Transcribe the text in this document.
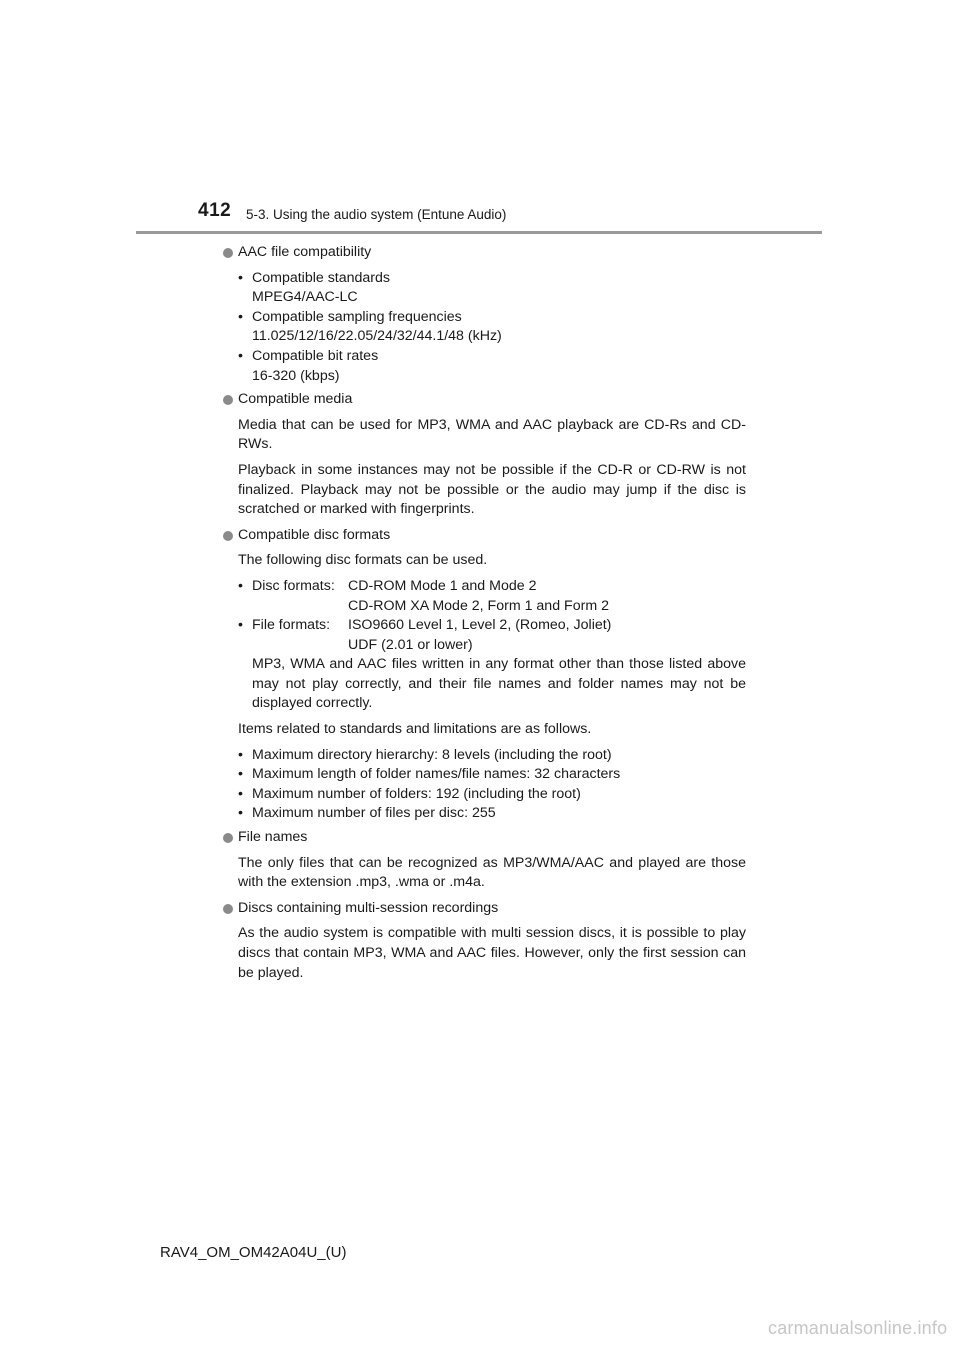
412 5-3. Using the audio system (Entune Audio)
AAC file compatibility
• Compatible standards
MPEG4/AAC-LC
• Compatible sampling frequencies
11.025/12/16/22.05/24/32/44.1/48 (kHz)
• Compatible bit rates
16-320 (kbps)
Compatible media

Media that can be used for MP3, WMA and AAC playback are CD-Rs and CD-RWs.

Playback in some instances may not be possible if the CD-R or CD-RW is not finalized. Playback may not be possible or the audio may jump if the disc is scratched or marked with fingerprints.

Compatible disc formats

The following disc formats can be used.

• Disc formats: CD-ROM Mode 1 and Mode 2
CD-ROM XA Mode 2, Form 1 and Form 2
• File formats: ISO9660 Level 1, Level 2, (Romeo, Joliet)
UDF (2.01 or lower)
MP3, WMA and AAC files written in any format other than those listed above may not play correctly, and their file names and folder names may not be displayed correctly.

Items related to standards and limitations are as follows.

• Maximum directory hierarchy: 8 levels (including the root)
• Maximum length of folder names/file names: 32 characters
• Maximum number of folders: 192 (including the root)
• Maximum number of files per disc: 255
File names

The only files that can be recognized as MP3/WMA/AAC and played are those with the extension .mp3, .wma or .m4a.

Discs containing multi-session recordings

As the audio system is compatible with multi session discs, it is possible to play discs that contain MP3, WMA and AAC files. However, only the first session can be played.

RAV4_OM_OM42A04U_(U)
carmanualsonline.info
